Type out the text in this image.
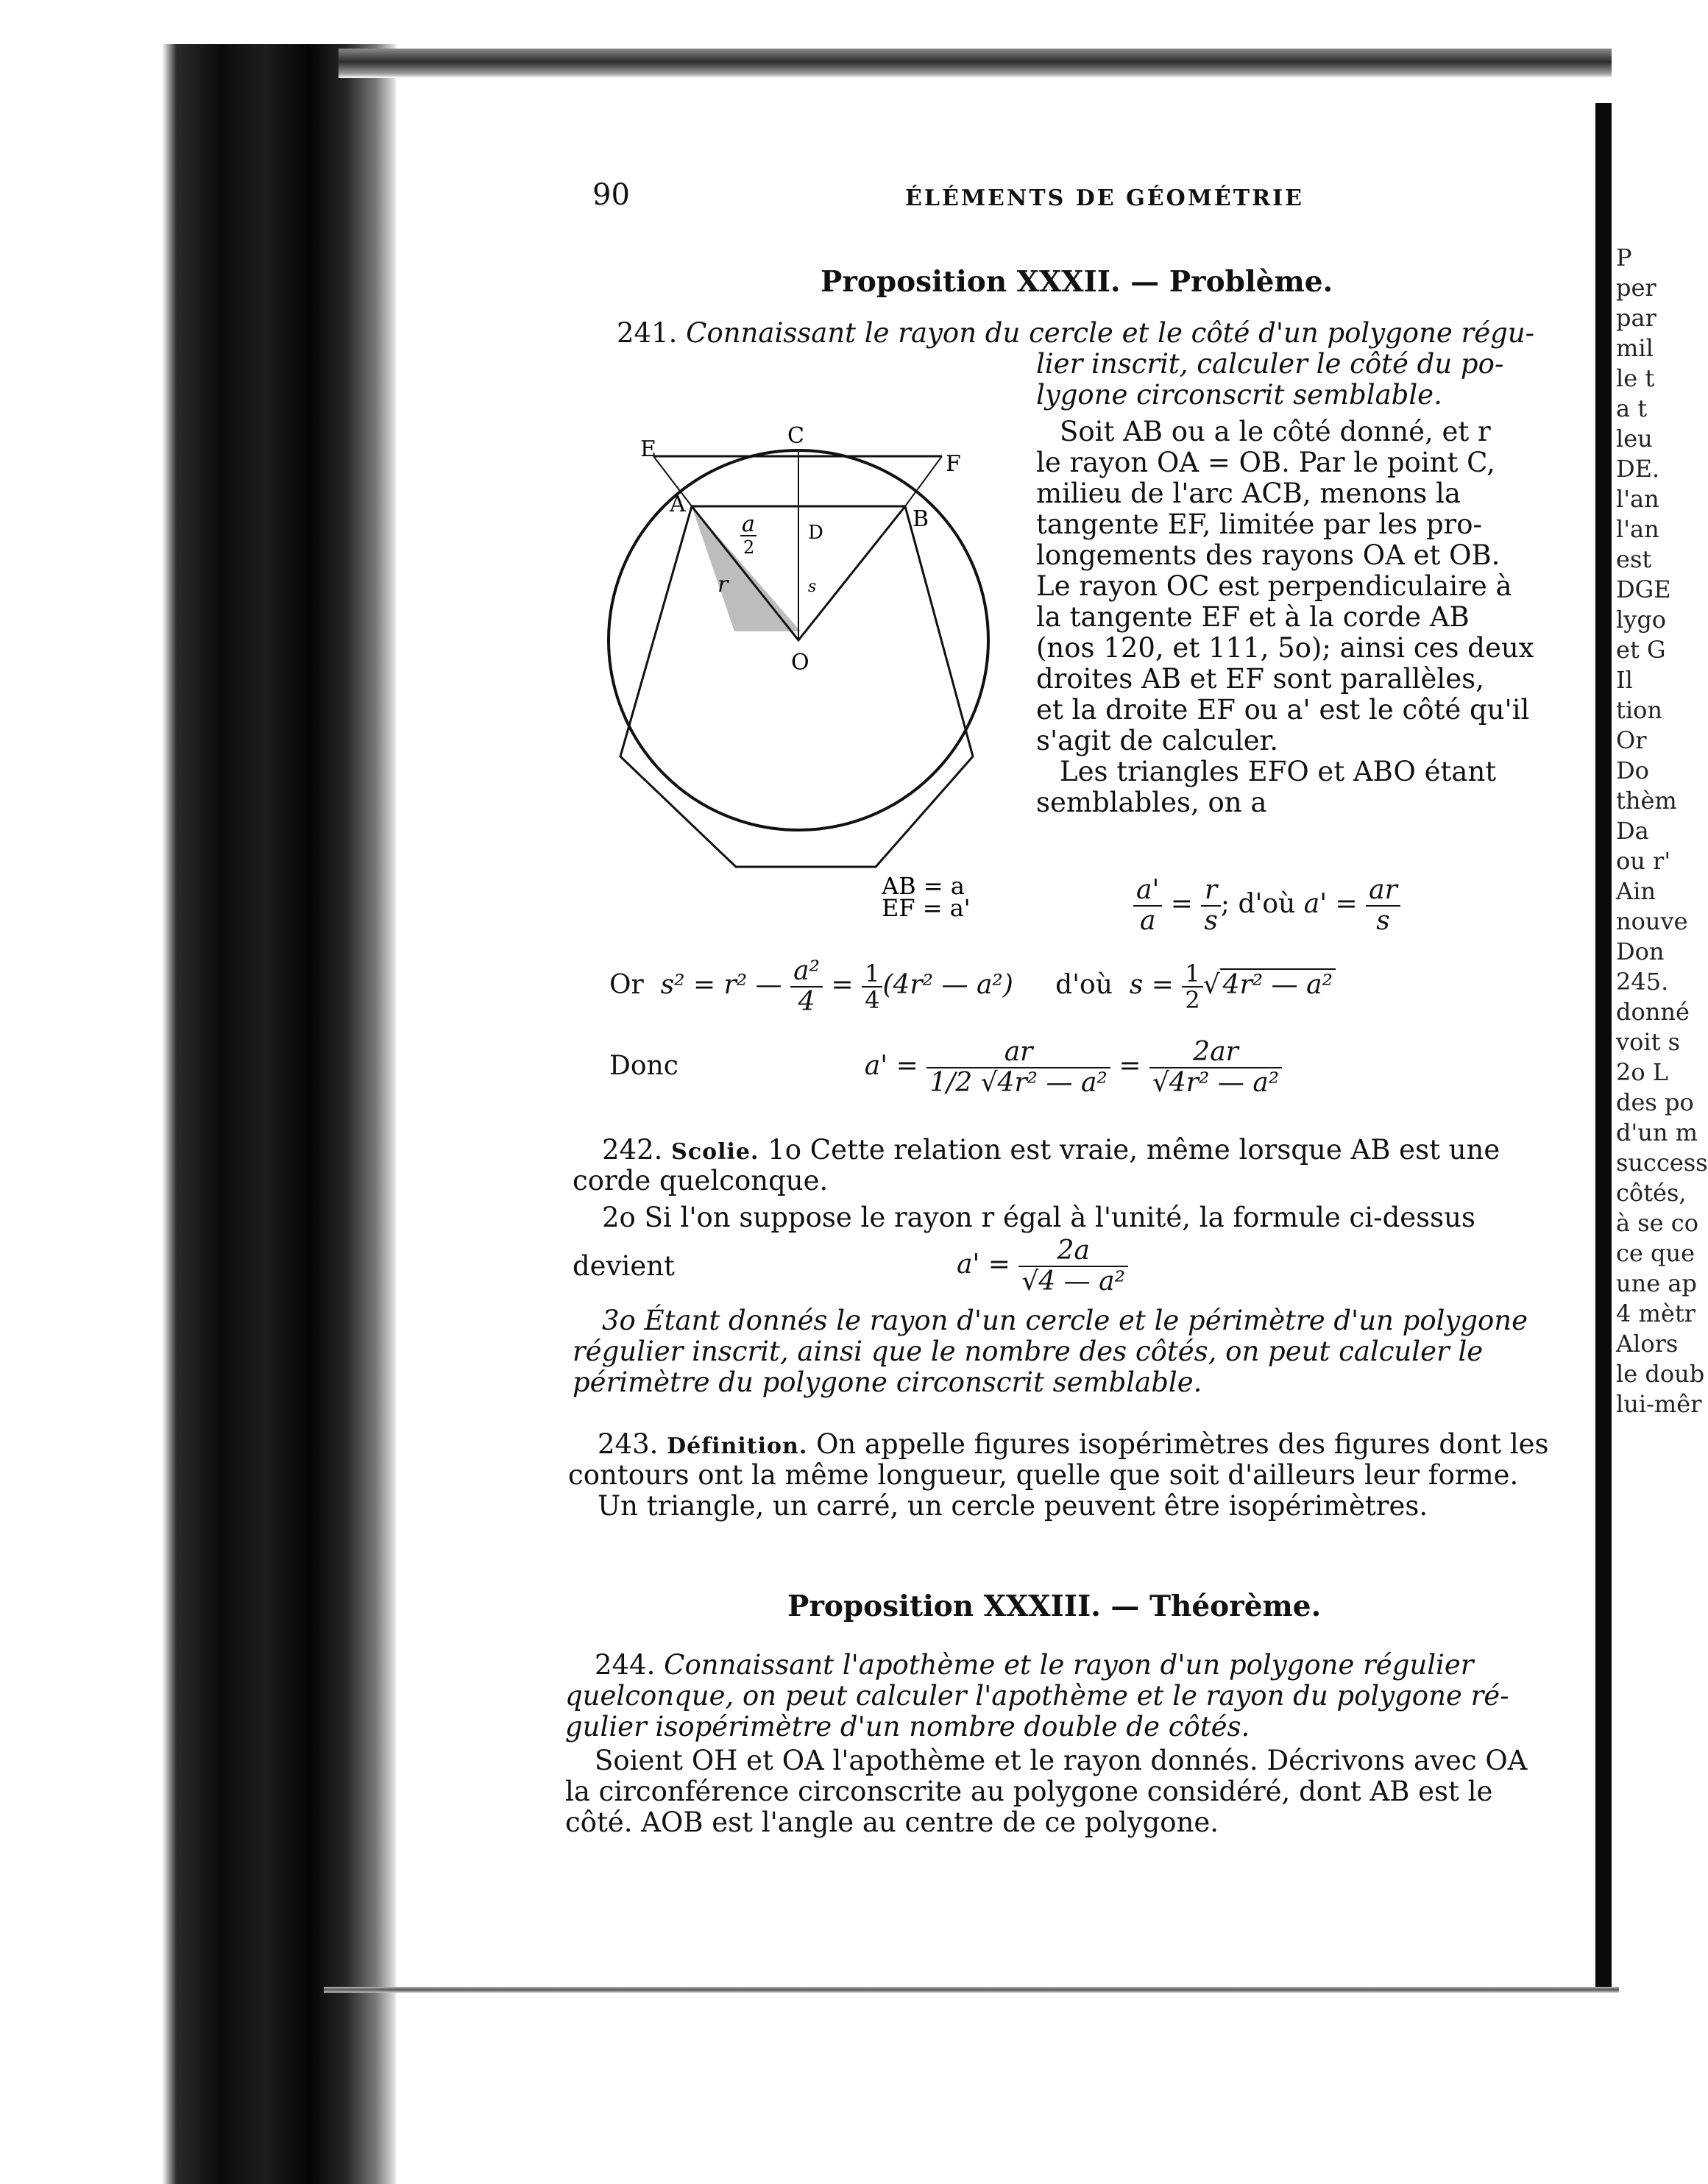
P
per
par
mil
le t
a t
leu
DE.
l'an
l'an
est
DGE
lygo
et G
Il
tion
Or
Do
thèm
Da
ou r'
Ain
nouve
Don
245.
donné
voit s
2o L
des po
d'un m
success
côtés,
à se co
ce que
une ap
4 mètr
Alors
le doub
lui-mêr
90	ÉLÉMENTS DE GÉOMÉTRIE
Proposition XXXII. — Problème.
241. Connaissant le rayon du cercle et le côté d'un polygone régu-
lier inscrit, calculer le côté du po-
lygone circonscrit semblable.
Soit AB ou a le côté donné, et r
le rayon OA = OB. Par le point C,
milieu de l'arc ACB, menons la
tangente EF, limitée par les pro-
longements des rayons OA et OB.
Le rayon OC est perpendiculaire à
la tangente EF et à la corde AB
(nos 120, et 111, 5o); ainsi ces deux
droites AB et EF sont parallèles,
et la droite EF ou a' est le côté qu'il
s'agit de calculer.
Les triangles EFO et ABO étant
semblables, on a
E
C
F
A
B
D
O
r	s
a
2
AB = a
EF = a'	$\frac{a'}{a} = \frac{r}{s}$ ; d'où $a' = \frac{ar}{s}$
Or s² = r² — $\frac{\text{a²}}{4} = \frac{1}{4} (4r^2$ — a²) d'où $s = \frac{1}{2}$ √ 4r² — a²
Donc	$a' = \frac{ar}{\text{1/2 √4r² — a²}} = \frac{2ar}{\text{√4r² — a²}}$
242. Scolie. 1o Cette relation est vraie, même lorsque AB est une
corde quelconque.
2o Si l'on suppose le rayon r égal à l'unité, la formule ci-dessus
devient	$a' = \frac{2a}{\text{√4 — a²}}$
3o Étant donnés le rayon d'un cercle et le périmètre d'un polygone
régulier inscrit, ainsi que le nombre des côtés, on peut calculer le
périmètre du polygone circonscrit semblable.
243. Définition. On appelle figures isopérimètres des figures dont les
contours ont la même longueur, quelle que soit d'ailleurs leur forme.
Un triangle, un carré, un cercle peuvent être isopérimètres.
Proposition XXXIII. — Théorème.
244. Connaissant l'apothème et le rayon d'un polygone régulier
quelconque, on peut calculer l'apothème et le rayon du polygone ré-
gulier isopérimètre d'un nombre double de côtés.
Soient OH et OA l'apothème et le rayon donnés. Décrivons avec OA
la circonférence circonscrite au polygone considéré, dont AB est le
côté. AOB est l'angle au centre de ce polygone.
